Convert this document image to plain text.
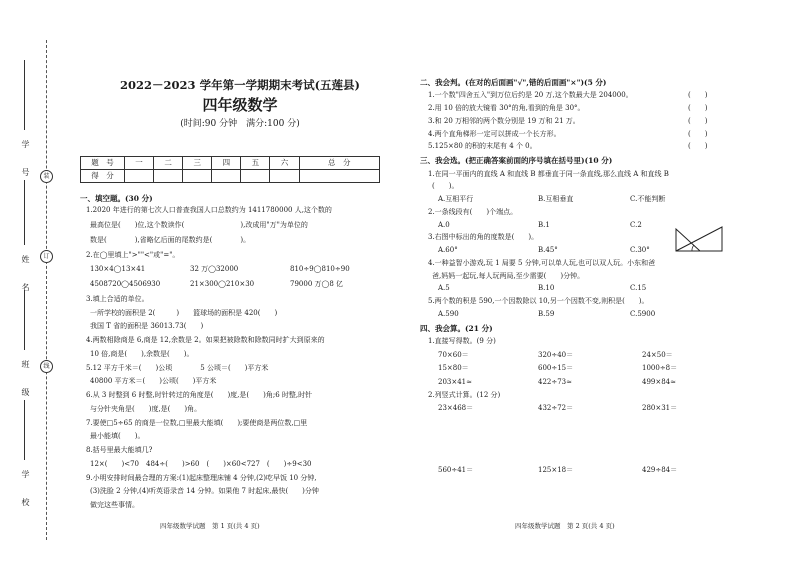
学　号
姓　名
班　级
学　校
装
订
线
2022－2023 学年第一学期期末考试(五莲县)
四年级数学
(时间:90 分钟　满分:100 分)
题　号	一	二	三	四	五	六	总　分
得　分							
一、填空题。(30 分)
1.2020 年进行的第七次人口普查我国人口总数约为 1411780000 人,这个数的
最高位是(　　)位,这个数读作(　　　　　　　　),改成用"万"为单位的
数是(　　　　),省略亿后面的尾数约是(　　　　)。
2.在◯里填上">""<"或"="。
130×4◯13×41	32 万◯32000	810÷9◯810÷90
4508720◯4506930	21×300◯210×30	79000 万◯8 亿
3.填上合适的单位。
一所学校的面积是 2(　　　)　　篮球场的面积是 420(　　)
我国 T 省的面积是 36013.73(　　)
4.两数相除商是 6,商是 12,余数是 2。如果把被除数和除数同时扩大到原来的
10 倍,商是(　　),余数是(　　)。
5.12 平方千米＝(　　)公顷　　　　5 公顷＝(　　)平方米
40800 平方米＝(　　)公顷(　　)平方米
6.从 3 时整到 6 时整,时针转过的角度是(　　)度,是(　　)角;6 时整,时针
与分针夹角是(　　)度,是(　　)角。
7.要使□5÷65 的商是一位数,□里最大能填(　　);要使商是两位数,□里
最小能填(　　)。
8.括号里最大能填几?
12×(　　)<70　484÷(　　)>60　(　　)×60<727　(　　)÷9<30
9.小明安排时间最合理的方案:(1)起床整理床铺 4 分钟,(2)吃早饭 10 分钟,
(3)洗脸 2 分钟,(4)听英语录音 14 分钟。如果他 7 时起床,最快(　　)分钟
做完这些事情。
四年级数学试题　第 1 页(共 4 页)
二、我会判。(在对的后面画"√",错的后面画"×")(5 分)
1.一个数"四舍五入"到万位后约是 20 万,这个数最大是 204000。	(　　)
2.用 10 倍的放大镜看 30°的角,看到的角是 30°。	(　　)
3.和 20 万相邻的两个数分别是 19 万和 21 万。	(　　)
4.两个直角梯形一定可以拼成一个长方形。	(　　)
5.125×80 的积的末尾有 4 个 0。	(　　)
三、我会选。(把正确答案前面的序号填在括号里)(10 分)
1.在同一平面内的直线 A 和直线 B 都垂直于同一条直线,那么直线 A 和直线 B
(　　)。
A.互相平行	B.互相垂直	C.不能判断
2.一条线段有(　　)个端点。
A.0	B.1	C.2
3.右图中标出的角的度数是(　　)。
A.60°	B.45°	C.30°
4.一种益智小游戏,玩 1 局要 5 分钟,可以单人玩,也可以双人玩。小东和爸
爸,妈妈一起玩,每人玩两局,至少需要(　　)分钟。
A.5	B.10	C.15
5.两个数的积是 590,一个因数除以 10,另一个因数不变,则积是(　　)。
A.590	B.59	C.5900
四、我会算。(21 分)
1.直接写得数。(9 分)
70×60＝	320÷40＝	24×50＝
15×80＝	600÷15＝	1000÷8＝
203×41≈	422÷73≈	499×84≈
2.列竖式计算。(12 分)
23×468＝	432÷72＝	280×31＝
560÷41＝	125×18＝	429÷84＝
四年级数学试题　第 2 页(共 4 页)
